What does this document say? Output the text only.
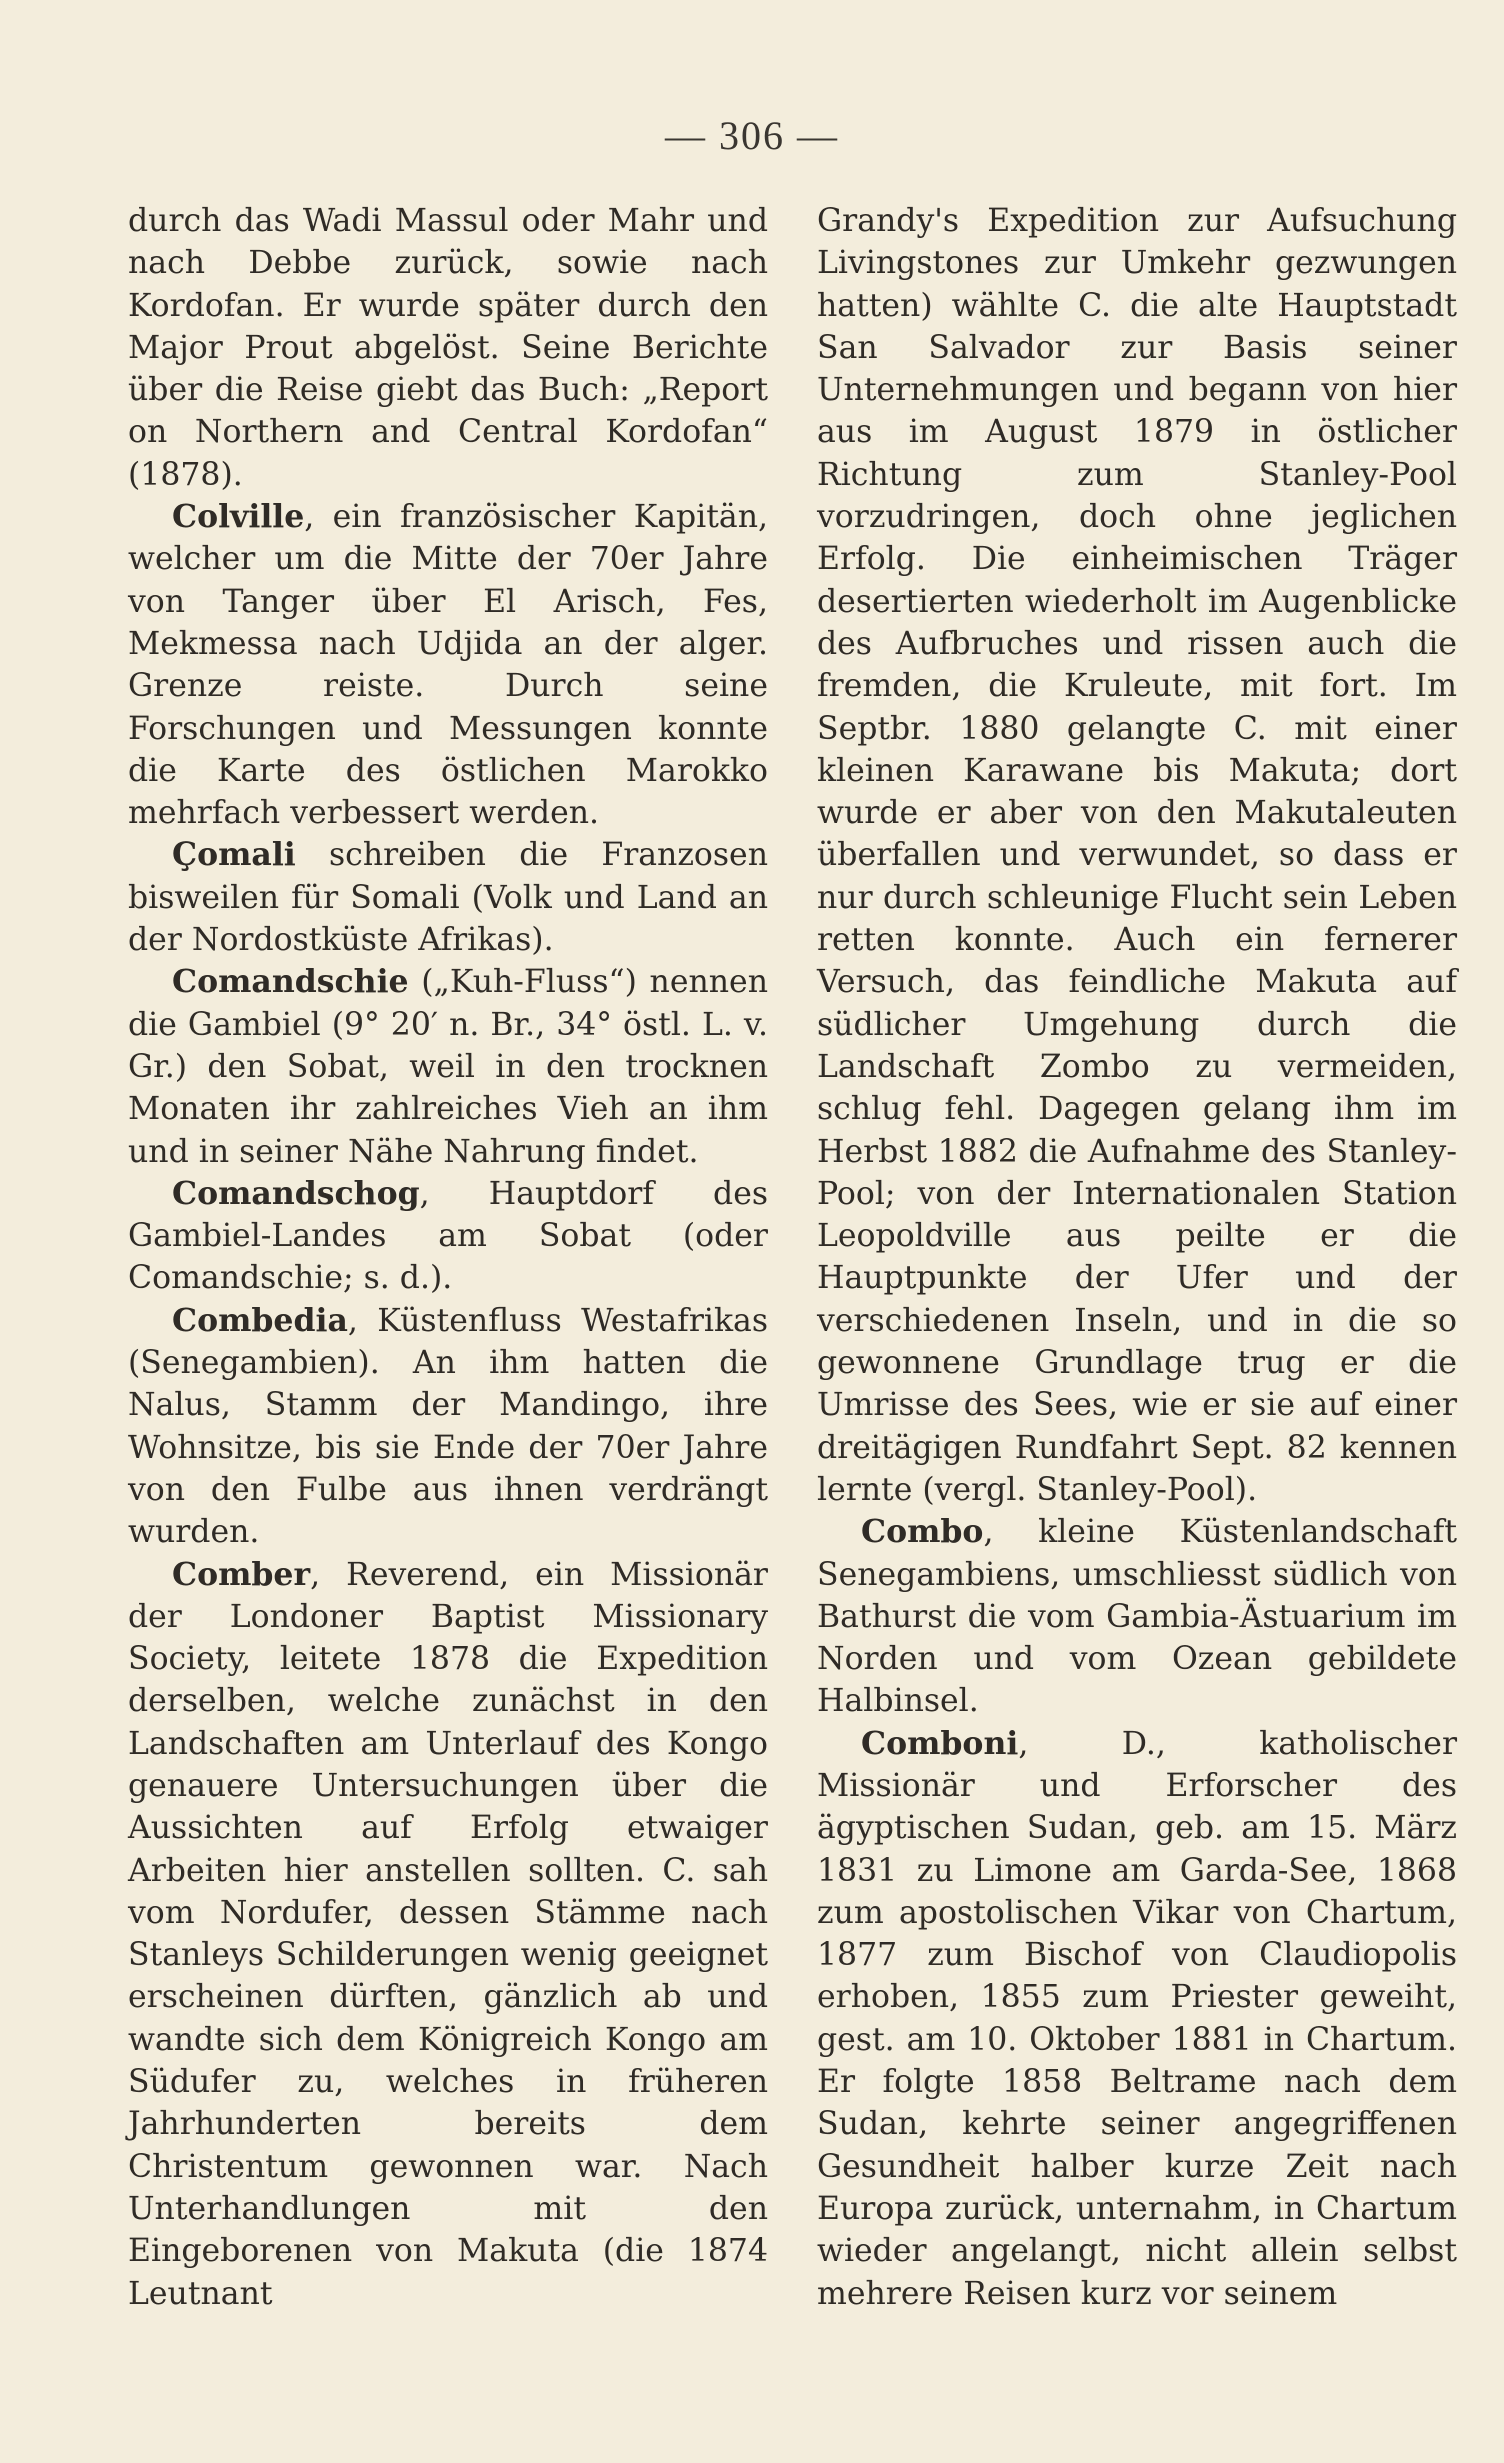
— 306 —

durch das Wadi Massul oder Mahr und nach Debbe zurück, sowie nach Kordofan. Er wurde später durch den Major Prout abgelöst. Seine Berichte über die Reise giebt das Buch: „Report on Northern and Central Kordofan“ (1878).

Colville, ein französischer Kapitän, welcher um die Mitte der 70er Jahre von Tanger über El Arisch, Fes, Mekmessa nach Udjida an der alger. Grenze reiste. Durch seine Forschungen und Messungen konnte die Karte des östlichen Marokko mehrfach verbessert werden.

Çomali schreiben die Franzosen bisweilen für Somali (Volk und Land an der Nordostküste Afrikas).

Comandschie („Kuh-Fluss“) nennen die Gambiel (9° 20′ n. Br., 34° östl. L. v. Gr.) den Sobat, weil in den trocknen Monaten ihr zahlreiches Vieh an ihm und in seiner Nähe Nahrung findet.

Comandschog, Hauptdorf des Gambiel-Landes am Sobat (oder Comandschie; s. d.).

Combedia, Küstenfluss Westafrikas (Senegambien). An ihm hatten die Nalus, Stamm der Mandingo, ihre Wohnsitze, bis sie Ende der 70er Jahre von den Fulbe aus ihnen verdrängt wurden.

Comber, Reverend, ein Missionär der Londoner Baptist Missionary Society, leitete 1878 die Expedition derselben, welche zunächst in den Landschaften am Unterlauf des Kongo genauere Untersuchungen über die Aussichten auf Erfolg etwaiger Arbeiten hier anstellen sollten. C. sah vom Nordufer, dessen Stämme nach Stanleys Schilderungen wenig geeignet erscheinen dürften, gänzlich ab und wandte sich dem Königreich Kongo am Südufer zu, welches in früheren Jahrhunderten bereits dem Christentum gewonnen war. Nach Unterhandlungen mit den Eingeborenen von Makuta (die 1874 Leutnant

Grandy's Expedition zur Aufsuchung Livingstones zur Umkehr gezwungen hatten) wählte C. die alte Hauptstadt San Salvador zur Basis seiner Unternehmungen und begann von hier aus im August 1879 in östlicher Richtung zum Stanley-Pool vorzudringen, doch ohne jeglichen Erfolg. Die einheimischen Träger desertierten wiederholt im Augenblicke des Aufbruches und rissen auch die fremden, die Kruleute, mit fort. Im Septbr. 1880 gelangte C. mit einer kleinen Karawane bis Makuta; dort wurde er aber von den Makutaleuten überfallen und verwundet, so dass er nur durch schleunige Flucht sein Leben retten konnte. Auch ein fernerer Versuch, das feindliche Makuta auf südlicher Umgehung durch die Landschaft Zombo zu vermeiden, schlug fehl. Dagegen gelang ihm im Herbst 1882 die Aufnahme des Stanley-Pool; von der Internationalen Station Leopoldville aus peilte er die Hauptpunkte der Ufer und der verschiedenen Inseln, und in die so gewonnene Grundlage trug er die Umrisse des Sees, wie er sie auf einer dreitägigen Rundfahrt Sept. 82 kennen lernte (vergl. Stanley-Pool).

Combo, kleine Küstenlandschaft Senegambiens, umschliesst südlich von Bathurst die vom Gambia-Ästuarium im Norden und vom Ozean gebildete Halbinsel.

Comboni, D., katholischer Missionär und Erforscher des ägyptischen Sudan, geb. am 15. März 1831 zu Limone am Garda-See, 1868 zum apostolischen Vikar von Chartum, 1877 zum Bischof von Claudiopolis erhoben, 1855 zum Priester geweiht, gest. am 10. Oktober 1881 in Chartum. Er folgte 1858 Beltrame nach dem Sudan, kehrte seiner angegriffenen Gesundheit halber kurze Zeit nach Europa zurück, unternahm, in Chartum wieder angelangt, nicht allein selbst mehrere Reisen kurz vor seinem
